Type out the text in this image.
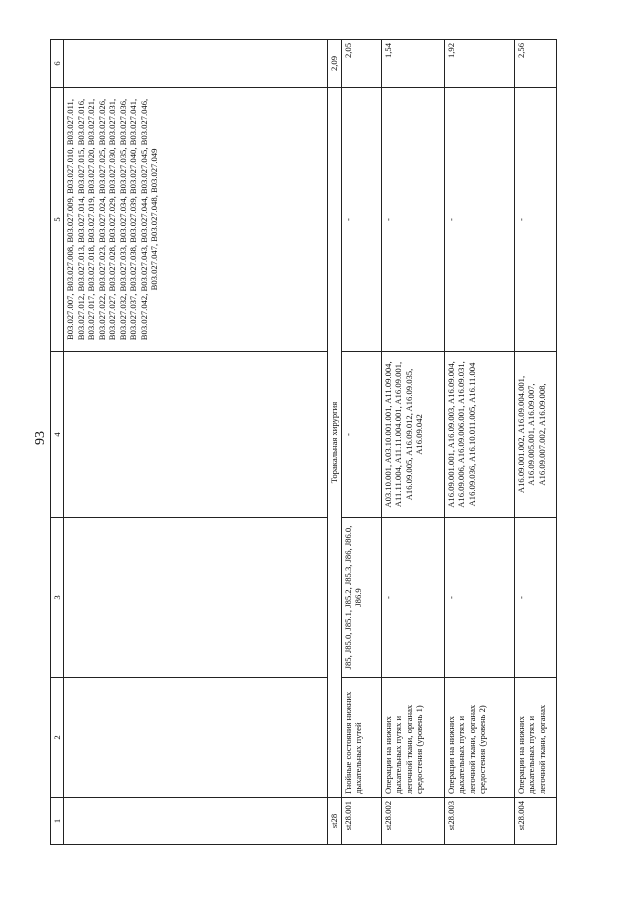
93
1	2	3	4	5	6
				B03.027.007, B03.027.008, B03.027.009, B03.027.010, B03.027.011, B03.027.012, B03.027.013, B03.027.014, B03.027.015, B03.027.016, B03.027.017, B03.027.018, B03.027.019, B03.027.020, B03.027.021, B03.027.022, B03.027.023, B03.027.024, B03.027.025, B03.027.026, B03.027.027, B03.027.028, B03.027.029, B03.027.030, B03.027.031, B03.027.032, B03.027.033, B03.027.034, B03.027.035, B03.027.036, B03.027.037, B03.027.038, B03.027.039, B03.027.040, B03.027.041, B03.027.042, B03.027.043, B03.027.044, B03.027.045, B03.027.046, B03.027.047, B03.027.048, B03.027.049	
st28	Торакальная хирургия				2,09
st28.001	Гнойные состояния нижних дыхательных путей	J85, J85.0, J85.1, J85.2, J85.3, J86, J86.0, J86.9	-	-	2,05
st28.002	Операции на нижних дыхательных путях и легочной ткани, органах средостения (уровень 1)	-	A03.10.001, A03.10.001.001, A11.09.004, A11.11.004, A11.11.004.001, A16.09.001, A16.09.005, A16.09.012, A16.09.035, A16.09.042	-	1,54
st28.003	Операции на нижних дыхательных путях и легочной ткани, органах средостения (уровень 2)	-	A16.09.001.001, A16.09.003, A16.09.004, A16.09.006, A16.09.006.001, A16.09.031, A16.09.036, A16.10.011.005, A16.11.004	-	1,92
st28.004	Операции на нижних дыхательных путях и легочной ткани, органах	-	A16.09.001.002, A16.09.004.001, A16.09.005.001, A16.09.007, A16.09.007.002, A16.09.008,	-	2,56
